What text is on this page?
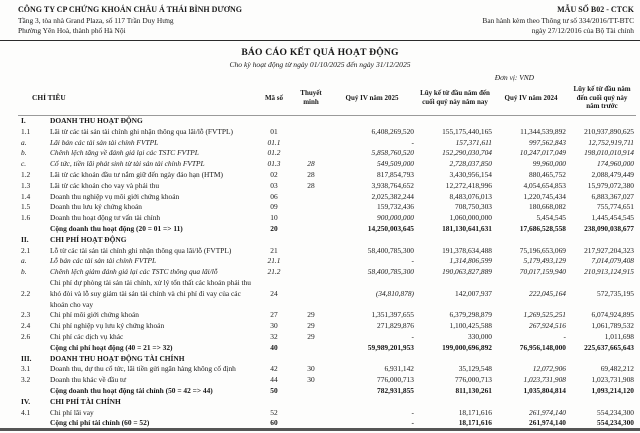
CÔNG TY CP CHỨNG KHOÁN CHÂU Á THÁI BÌNH DƯƠNG
Tầng 3, tòa nhà Grand Plaza, số 117 Trần Duy Hưng
Phường Yên Hoà, thành phố Hà Nội
MẪU SỐ B02 - CTCK
Ban hành kèm theo Thông tư số 334/2016/TT-BTC
ngày 27/12/2016 của Bộ Tài chính
BÁO CÁO KẾT QUẢ HOẠT ĐỘNG
Cho kỳ hoạt động từ ngày 01/10/2025 đến ngày 31/12/2025
Đơn vị: VND
CHỈ TIÊU		Mã số	Thuyết minh	Quý IV năm 2025	Lũy kế từ đầu năm đến cuối quý này năm nay	Quý IV năm 2024	Lũy kế từ đầu năm đến cuối quý này năm trước
I.	DOANH THU HOẠT ĐỘNG						
1.1	Lãi từ các tài sản tài chính ghi nhận thông qua lãi/lỗ (FVTPL)	01		6,408,269,520	155,175,440,165	11,344,539,892	210,937,890,625
a.	Lãi bán các tài sản tài chính FVTPL	01.1		-	157,371,611	997,562,843	12,752,919,711
b.	Chênh lệch tăng về đánh giá lại các TSTC FVTPL	01.2		5,858,760,520	152,290,030,704	10,247,017,049	198,010,010,914
c.	Cổ tức, tiền lãi phát sinh từ tài sản tài chính FVTPL	01.3	28	549,509,000	2,728,037,850	99,960,000	174,960,000
1.2	Lãi từ các khoản đầu tư nắm giữ đến ngày đáo hạn (HTM)	02	28	817,854,793	3,430,956,154	880,465,752	2,088,479,449
1.3	Lãi từ các khoản cho vay và phải thu	03	28	3,938,764,652	12,272,418,996	4,054,654,853	15,979,072,380
1.4	Doanh thu nghiệp vụ môi giới chứng khoán	06		2,025,382,244	8,483,076,013	1,220,745,434	6,883,367,027
1.5	Doanh thu lưu ký chứng khoán	09		159,732,436	708,750,303	180,668,082	755,774,651
1.6	Doanh thu hoạt động tư vấn tài chính	10		900,000,000	1,060,000,000	5,454,545	1,445,454,545
	Cộng doanh thu hoạt động (20 = 01 => 11)	20		14,250,003,645	181,130,641,631	17,686,528,558	238,090,038,677
II.	CHI PHÍ HOẠT ĐỘNG						
2.1	Lỗ từ các tài sản tài chính ghi nhận thông qua lãi/lỗ (FVTPL)	21		58,400,785,300	191,378,634,488	75,196,653,069	217,927,204,323
a.	Lỗ bán các tài sản tài chính FVTPL	21.1		-	1,314,806,599	5,179,493,129	7,014,079,408
b.	Chênh lệch giảm đánh giá lại các TSTC thông qua lãi/lỗ	21.2		58,400,785,300	190,063,827,889	70,017,159,940	210,913,124,915
2.2	Chi phí dự phòng tài sản tài chính, xử lý tổn thất các khoản phải thu khó đòi và lỗ suy giảm tài sản tài chính và chi phí đi vay của các khoản cho vay	24		(34,810,878)	142,007,937	222,045,164	572,735,195
2.3	Chi phí môi giới chứng khoán	27	29	1,351,397,655	6,379,298,879	1,269,525,251	6,074,924,895
2.4	Chi phí nghiệp vụ lưu ký chứng khoán	30	29	271,829,876	1,100,425,588	267,924,516	1,061,789,532
2.6	Chi phí các dịch vụ khác	32	29	-	330,000	-	1,011,698
	Cộng chi phí hoạt động (40 = 21 => 32)	40		59,989,201,953	199,000,696,892	76,956,148,000	225,637,665,643
III.	DOANH THU HOẠT ĐỘNG TÀI CHÍNH						
3.1	Doanh thu, dự thu cổ tức, lãi tiền gửi ngân hàng không cố định	42	30	6,931,142	35,129,548	12,072,906	69,482,212
3.2	Doanh thu khác về đầu tư	44	30	776,000,713	776,000,713	1,023,731,908	1,023,731,908
	Cộng doanh thu hoạt động tài chính (50 = 42 => 44)	50		782,931,855	811,130,261	1,035,804,814	1,093,214,120
IV.	CHI PHÍ TÀI CHÍNH						
4.1	Chi phí lãi vay	52		-	18,171,616	261,974,140	554,234,300
	Cộng chi phí tài chính (60 = 52)	60		-	18,171,616	261,974,140	554,234,300
